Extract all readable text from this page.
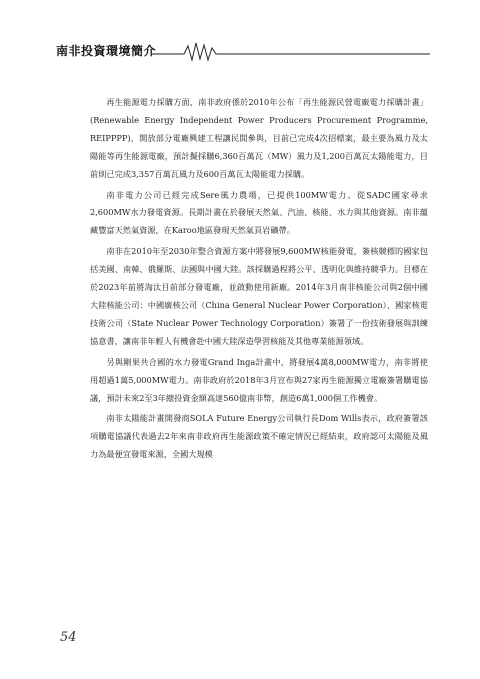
南非投資環境簡介

再生能源電力採購方面，南非政府係於2010年公布「再生能源民營電廠電力採購計畫」(Renewable Energy Independent Power Producers Procurement Programme, REIPPPP)，開放部分電廠興建工程讓民間參與，目前已完成4次招標案，最主要為風力及太陽能等再生能源電廠，預計擬採購6,360百萬瓦（MW）風力及1,200百萬瓦太陽能電力，目前則已完成3,357百萬瓦風力及600百萬瓦太陽能電力採購。

南非電力公司已經完成Sere風力農場，已提供100MW電力。從SADC國家尋求2,600MW水力發電資源。長期計畫在於發展天然氣、汽油、核能、水力與其他資源。南非蘊藏豐富天然氣資源，在Karoo地區發現天然氣頁岩礦帶。

南非在2010年至2030年整合資源方案中將發展9,600MW核能發電，簽核競標的國家包括美國、南韓、俄羅斯、法國與中國大陸。該採購過程將公平、透明化與維持競爭力。目標在於2023年前將淘汰目前部分發電廠，並啟動使用新廠。2014年3月南非核能公司與2個中國大陸核能公司：中國廣核公司（China General Nuclear Power Corporation）、國家核電技術公司（State Nuclear Power Technology Corporation）簽署了一份技術發展與訓練協意書，讓南非年輕人有機會赴中國大陸深造學習核能及其他專業能源領域。

另與剛果共合國的水力發電Grand Inga計畫中，將發展4萬8,000MW電力，南非將使用超過1萬5,000MW電力。南非政府於2018年3月宣布與27家再生能源獨立電廠簽署購電協議，預計未來2至3年總投資金額高達560億南非幣，創造6萬1,000個工作機會。

南非太陽能計畫開發商SOLA Future Energy公司執行長Dom Wills表示，政府簽署該項購電協議代表過去2年來南非政府再生能源政策不確定情況已經結束，政府認可太陽能及風力為最便宜發電來源，全國大規模

54
